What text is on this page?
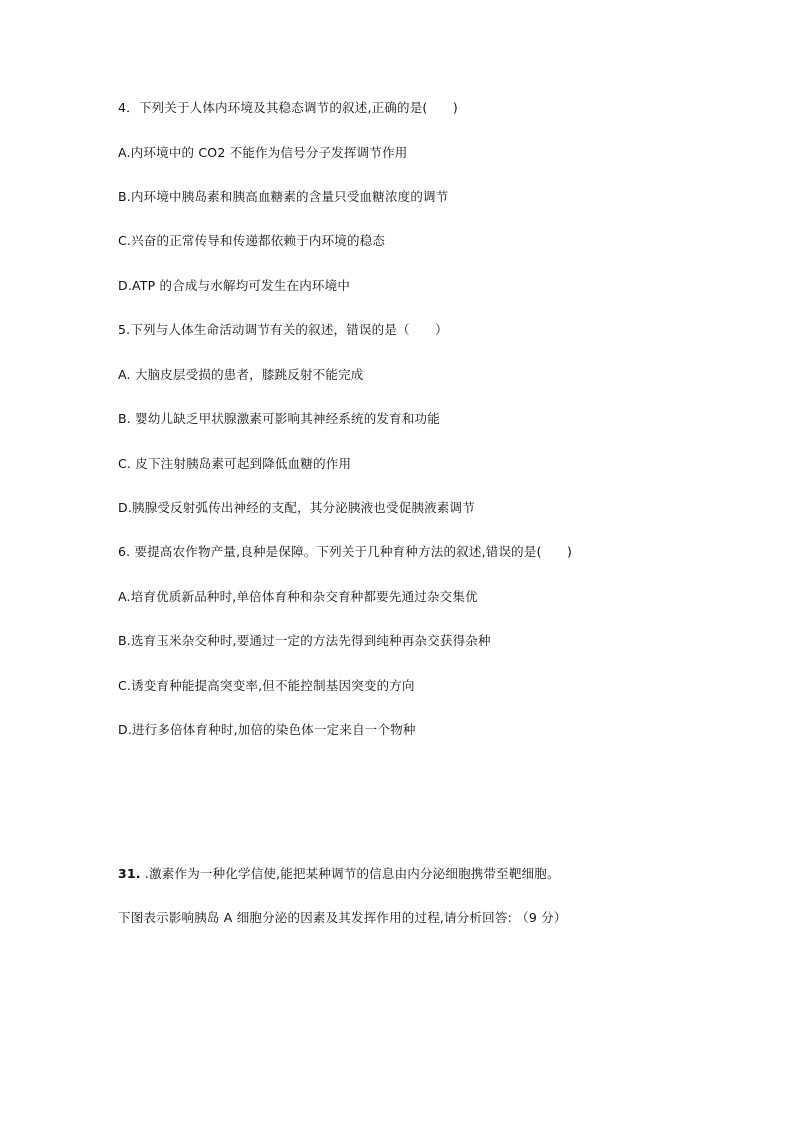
4．下列关于人体内环境及其稳态调节的叙述,正确的是(　　)
A.内环境中的 CO2 不能作为信号分子发挥调节作用
B.内环境中胰岛素和胰高血糖素的含量只受血糖浓度的调节
C.兴奋的正常传导和传递都依赖于内环境的稳态
D.ATP 的合成与水解均可发生在内环境中
5.下列与人体生命活动调节有关的叙述，错误的是（　　）
A. 大脑皮层受损的患者，膝跳反射不能完成
B. 婴幼儿缺乏甲状腺激素可影响其神经系统的发育和功能
C. 皮下注射胰岛素可起到降低血糖的作用
D.胰腺受反射弧传出神经的支配，其分泌胰液也受促胰液素调节
6. 要提高农作物产量,良种是保障。下列关于几种育种方法的叙述,错误的是(　　)
A.培育优质新品种时,单倍体育种和杂交育种都要先通过杂交集优
B.选育玉米杂交种时,要通过一定的方法先得到纯种再杂交获得杂种
C.诱变育种能提高突变率,但不能控制基因突变的方向
D.进行多倍体育种时,加倍的染色体一定来自一个物种
31. .激素作为一种化学信使,能把某种调节的信息由内分泌细胞携带至靶细胞。
下图表示影响胰岛 A 细胞分泌的因素及其发挥作用的过程,请分析回答: （9 分）
